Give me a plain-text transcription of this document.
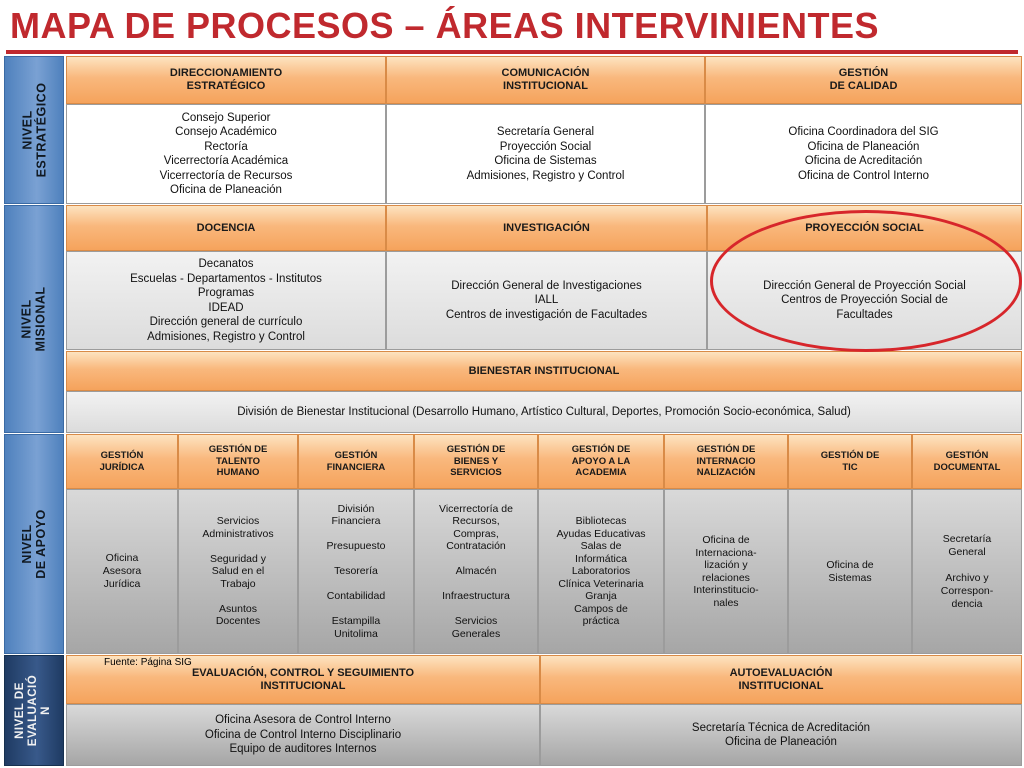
MAPA DE PROCESOS – ÁREAS INTERVINIENTES
NIVEL
ESTRATÉGICO
NIVEL
MISIONAL
NIVEL
DE APOYO
NIVEL DE
EVALUACIÓ
N
DIRECCIONAMIENTO
ESTRATÉGICO
COMUNICACIÓN
INSTITUCIONAL
GESTIÓN
DE CALIDAD
Consejo Superior
Consejo Académico
Rectoría
Vicerrectoría Académica
Vicerrectoría de Recursos
Oficina de Planeación
Secretaría General
Proyección Social
Oficina de Sistemas
Admisiones, Registro y Control
Oficina Coordinadora del SIG
Oficina de Planeación
Oficina de Acreditación
Oficina de Control Interno
DOCENCIA	INVESTIGACIÓN	PROYECCIÓN SOCIAL
Decanatos
Escuelas - Departamentos - Institutos
Programas
IDEAD
Dirección general de currículo
Admisiones, Registro y Control
Dirección General de Investigaciones
IALL
Centros de investigación de Facultades
Dirección General de Proyección Social
Centros de Proyección Social de
Facultades
BIENESTAR INSTITUCIONAL
División de Bienestar Institucional (Desarrollo Humano, Artístico Cultural, Deportes, Promoción Socio-económica, Salud)
GESTIÓN
JURÍDICA
GESTIÓN DE
TALENTO
HUMANO
GESTIÓN
FINANCIERA
GESTIÓN DE
BIENES Y
SERVICIOS
GESTIÓN DE
APOYO A LA
ACADEMIA
GESTIÓN DE
INTERNACIO
NALIZACIÓN
GESTIÓN DE
TIC
GESTIÓN
DOCUMENTAL
Oficina
Asesora
Jurídica
Servicios
Administrativos

Seguridad y
Salud en el
Trabajo

Asuntos
Docentes
División
Financiera

Presupuesto

Tesorería

Contabilidad

Estampilla
Unitolima
Vicerrectoría de
Recursos,
Compras,
Contratación

Almacén

Infraestructura

Servicios
Generales
Bibliotecas
Ayudas Educativas
Salas de
Informática
Laboratorios
Clínica Veterinaria
Granja
Campos de
práctica
Oficina de
Internaciona-
lización y
relaciones
Interinstitucio-
nales
Oficina de
Sistemas
Secretaría
General

Archivo y
Correspon-
dencia
EVALUACIÓN, CONTROL Y SEGUIMIENTO
INSTITUCIONAL
AUTOEVALUACIÓN
INSTITUCIONAL
Oficina Asesora de Control Interno
Oficina de Control Interno Disciplinario
Equipo de auditores Internos
Secretaría Técnica de Acreditación
Oficina de Planeación
Fuente: Página SIG
